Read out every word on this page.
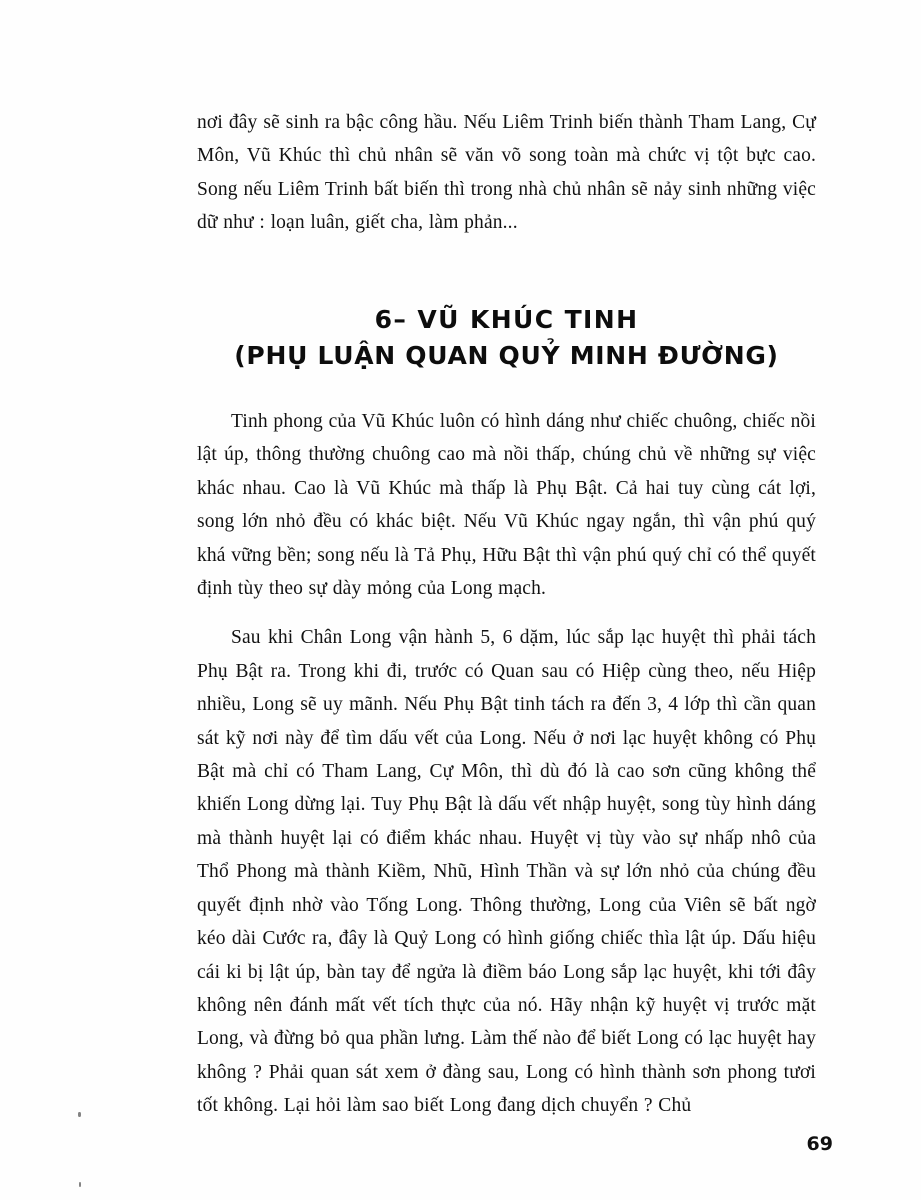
nơi đây sẽ sinh ra bậc công hầu. Nếu Liêm Trinh biến thành Tham Lang, Cự Môn, Vũ Khúc thì chủ nhân sẽ văn võ song toàn mà chức vị tột bực cao. Song nếu Liêm Trinh bất biến thì trong nhà chủ nhân sẽ nảy sinh những việc dữ như : loạn luân, giết cha, làm phản...

6– VŨ KHÚC TINH
(PHỤ LUẬN QUAN QUỶ MINH ĐƯỜNG)

Tinh phong của Vũ Khúc luôn có hình dáng như chiếc chuông, chiếc nồi lật úp, thông thường chuông cao mà nồi thấp, chúng chủ về những sự việc khác nhau. Cao là Vũ Khúc mà thấp là Phụ Bật. Cả hai tuy cùng cát lợi, song lớn nhỏ đều có khác biệt. Nếu Vũ Khúc ngay ngắn, thì vận phú quý khá vững bền; song nếu là Tả Phụ, Hữu Bật thì vận phú quý chỉ có thể quyết định tùy theo sự dày mỏng của Long mạch.

Sau khi Chân Long vận hành 5, 6 dặm, lúc sắp lạc huyệt thì phải tách Phụ Bật ra. Trong khi đi, trước có Quan sau có Hiệp cùng theo, nếu Hiệp nhiều, Long sẽ uy mãnh. Nếu Phụ Bật tinh tách ra đến 3, 4 lớp thì cần quan sát kỹ nơi này để tìm dấu vết của Long. Nếu ở nơi lạc huyệt không có Phụ Bật mà chỉ có Tham Lang, Cự Môn, thì dù đó là cao sơn cũng không thể khiến Long dừng lại. Tuy Phụ Bật là dấu vết nhập huyệt, song tùy hình dáng mà thành huyệt lại có điểm khác nhau. Huyệt vị tùy vào sự nhấp nhô của Thổ Phong mà thành Kiềm, Nhũ, Hình Thần và sự lớn nhỏ của chúng đều quyết định nhờ vào Tống Long. Thông thường, Long của Viên sẽ bất ngờ kéo dài Cước ra, đây là Quỷ Long có hình giống chiếc thìa lật úp. Dấu hiệu cái ki bị lật úp, bàn tay để ngửa là điềm báo Long sắp lạc huyệt, khi tới đây không nên đánh mất vết tích thực của nó. Hãy nhận kỹ huyệt vị trước mặt Long, và đừng bỏ qua phần lưng. Làm thế nào để biết Long có lạc huyệt hay không ? Phải quan sát xem ở đàng sau, Long có hình thành sơn phong tươi tốt không. Lại hỏi làm sao biết Long đang dịch chuyển ? Chủ

69
